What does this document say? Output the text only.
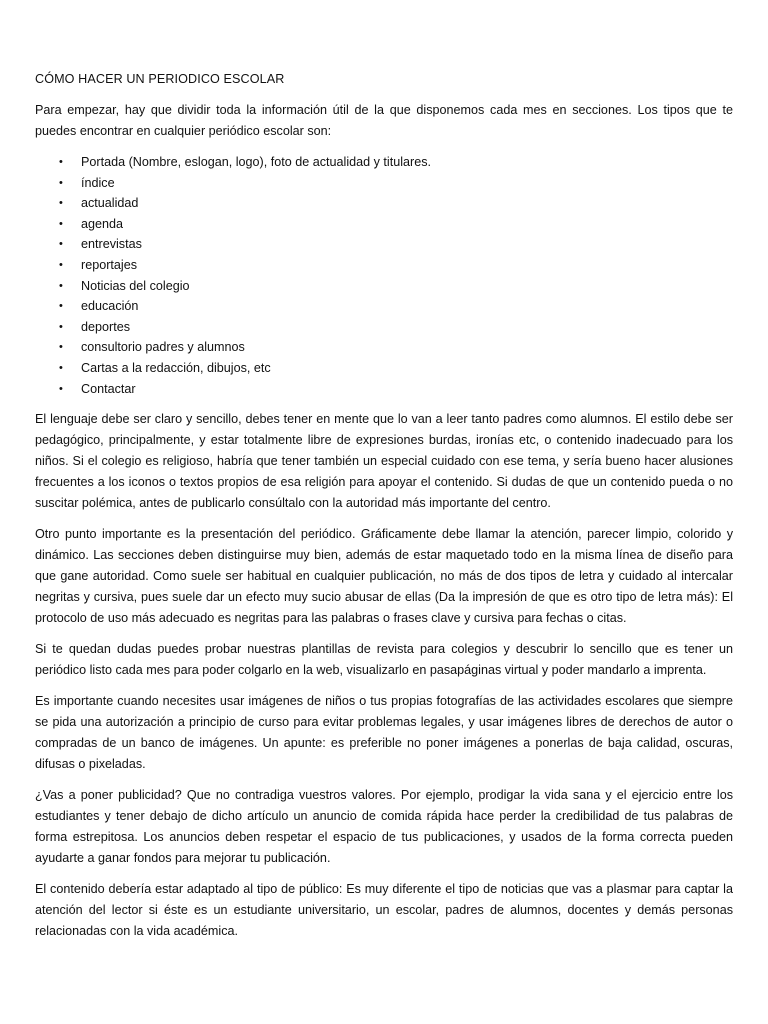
CÓMO HACER UN PERIODICO ESCOLAR

Para empezar, hay que dividir toda la información útil de la que disponemos cada mes en secciones. Los tipos que te puedes encontrar en cualquier periódico escolar son:

• Portada (Nombre, eslogan, logo), foto de actualidad y titulares.
• índice
• actualidad
• agenda
• entrevistas
• reportajes
• Noticias del colegio
• educación
• deportes
• consultorio padres y alumnos
• Cartas a la redacción, dibujos, etc
• Contactar

El lenguaje debe ser claro y sencillo, debes tener en mente que lo van a leer tanto padres como alumnos. El estilo debe ser pedagógico, principalmente, y estar totalmente libre de expresiones burdas, ironías etc, o contenido inadecuado para los niños. Si el colegio es religioso, habría que tener también un especial cuidado con ese tema, y sería bueno hacer alusiones frecuentes a los iconos o textos propios de esa religión para apoyar el contenido. Si dudas de que un contenido pueda o no suscitar polémica, antes de publicarlo consúltalo con la autoridad más importante del centro.

Otro punto importante es la presentación del periódico. Gráficamente debe llamar la atención, parecer limpio, colorido y dinámico. Las secciones deben distinguirse muy bien, además de estar maquetado todo en la misma línea de diseño para que gane autoridad. Como suele ser habitual en cualquier publicación, no más de dos tipos de letra y cuidado al intercalar negritas y cursiva, pues suele dar un efecto muy sucio abusar de ellas (Da la impresión de que es otro tipo de letra más): El protocolo de uso más adecuado es negritas para las palabras o frases clave y cursiva para fechas o citas.

Si te quedan dudas puedes probar nuestras plantillas de revista para colegios y descubrir lo sencillo que es tener un periódico listo cada mes para poder colgarlo en la web, visualizarlo en pasapáginas virtual y poder mandarlo a imprenta.

Es importante cuando necesites usar imágenes de niños o tus propias fotografías de las actividades escolares que siempre se pida una autorización a principio de curso para evitar problemas legales, y usar imágenes libres de derechos de autor o compradas de un banco de imágenes. Un apunte: es preferible no poner imágenes a ponerlas de baja calidad, oscuras, difusas o pixeladas.

¿Vas a poner publicidad? Que no contradiga vuestros valores. Por ejemplo, prodigar la vida sana y el ejercicio entre los estudiantes y tener debajo de dicho artículo un anuncio de comida rápida hace perder la credibilidad de tus palabras de forma estrepitosa. Los anuncios deben respetar el espacio de tus publicaciones, y usados de la forma correcta pueden ayudarte a ganar fondos para mejorar tu publicación.

El contenido debería estar adaptado al tipo de público: Es muy diferente el tipo de noticias que vas a plasmar para captar la atención del lector si éste es un estudiante universitario, un escolar, padres de alumnos, docentes y demás personas relacionadas con la vida académica.
